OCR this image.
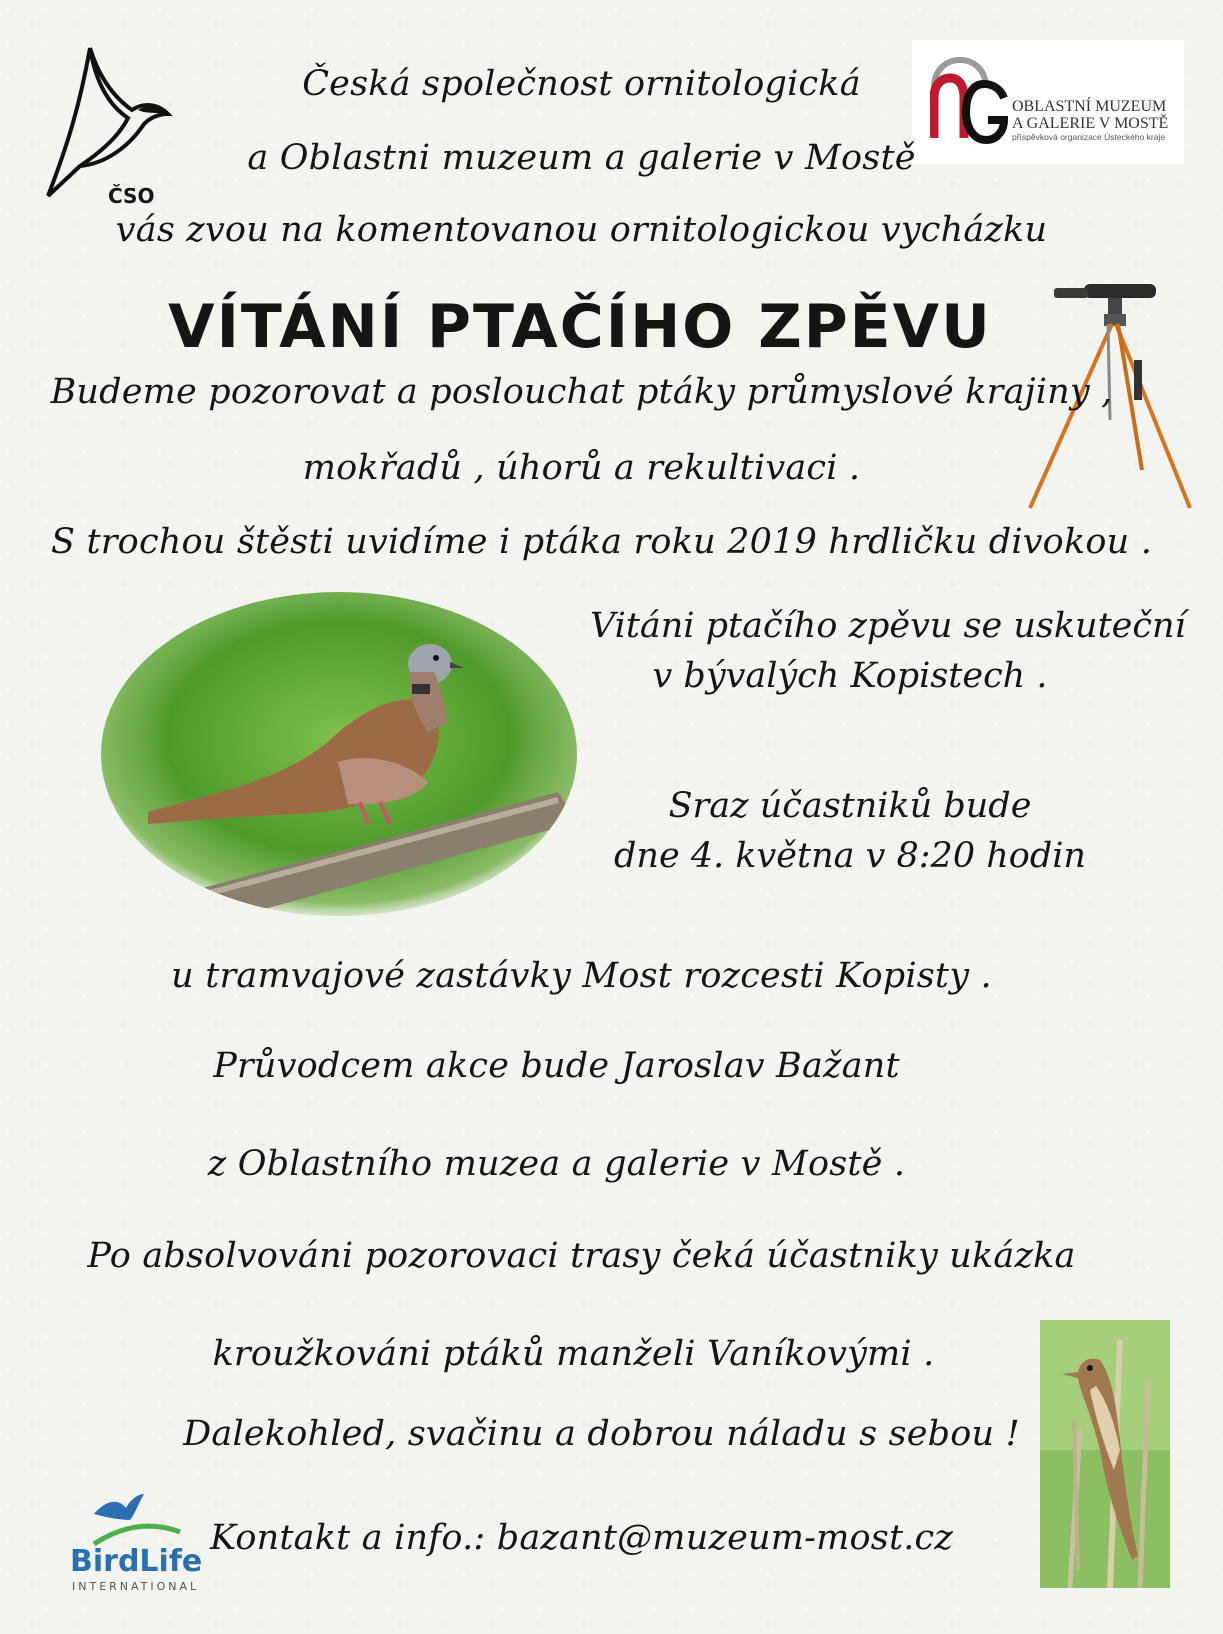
ČSO
OBLASTNÍ MUZEUM
A GALERIE V MOSTĚ
příspěvková organizace Ústeckého kraje
Česká společnost ornitologická
a Oblastni muzeum a galerie v Mostě
vás zvou na komentovanou ornitologickou vycházku
VÍTÁNÍ PTAČÍHO ZPĚVU
Budeme pozorovat a poslouchat ptáky průmyslové krajiny ,
mokřadů , úhorů a rekultivaci .
S trochou štěsti uvidíme i ptáka roku 2019 hrdličku divokou .
Vitáni ptačího zpěvu se uskuteční
v bývalých Kopistech .
Sraz účastniků bude
dne 4. května v 8:20 hodin
u tramvajové zastávky Most rozcesti Kopisty .
Průvodcem akce bude Jaroslav Bažant
z Oblastního muzea a galerie v Mostě .
Po absolvováni pozorovaci trasy čeká účastniky ukázka
kroužkováni ptáků manželi Vaníkovými .
Dalekohled, svačinu a dobrou náladu s sebou !
BirdLife
INTERNATIONAL
Kontakt a info.: bazant@muzeum-most.cz
